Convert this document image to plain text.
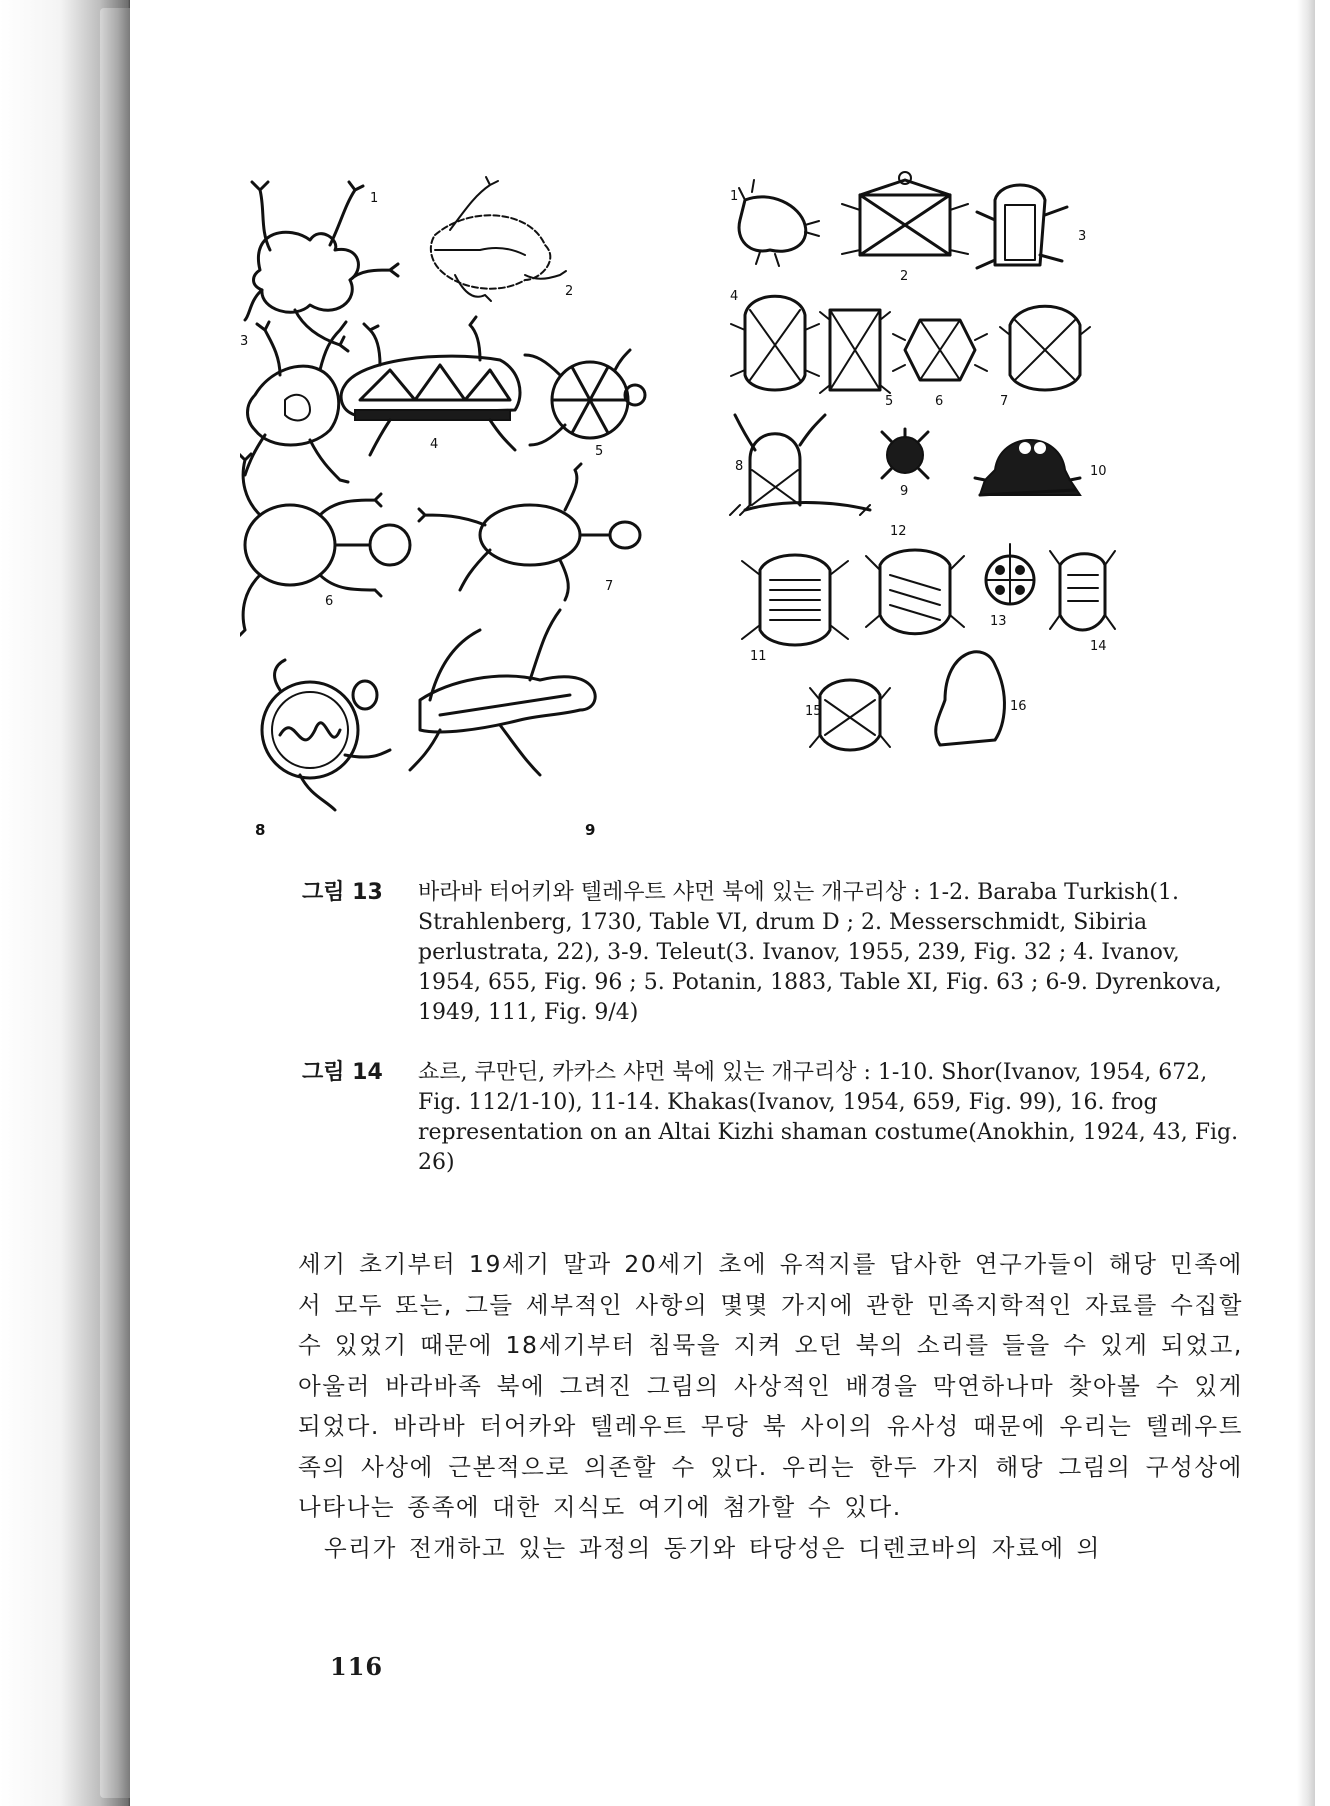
1
2
3
4	5
6
7
8	9
1
2
3
4
5	6	7
8
9
10
11
12
13
14
15	16
그림 13	바라바 터어키와 텔레우트 샤먼 북에 있는 개구리상 : 1-2. Baraba Turkish(1. Strahlenberg, 1730, Table VI, drum D ; 2. Messerschmidt, Sibiria perlustrata, 22), 3-9. Teleut(3. Ivanov, 1955, 239, Fig. 32 ; 4. Ivanov, 1954, 655, Fig. 96 ; 5. Potanin, 1883, Table XI, Fig. 63 ; 6-9. Dyrenkova, 1949, 111, Fig. 9/4)
그림 14	쇼르, 쿠만딘, 카카스 샤먼 북에 있는 개구리상 : 1-10. Shor(Ivanov, 1954, 672, Fig. 112/1-10), 11-14. Khakas(Ivanov, 1954, 659, Fig. 99), 16. frog representation on an Altai Kizhi shaman costume(Anokhin, 1924, 43, Fig. 26)

세기 초기부터 19세기 말과 20세기 초에 유적지를 답사한 연구가들이 해당 민족에서 모두 또는, 그들 세부적인 사항의 몇몇 가지에 관한 민족지학적인 자료를 수집할 수 있었기 때문에 18세기부터 침묵을 지켜 오던 북의 소리를 들을 수 있게 되었고, 아울러 바라바족 북에 그려진 그림의 사상적인 배경을 막연하나마 찾아볼 수 있게 되었다. 바라바 터어카와 텔레우트 무당 북 사이의 유사성 때문에 우리는 텔레우트족의 사상에 근본적으로 의존할 수 있다. 우리는 한두 가지 해당 그림의 구성상에 나타나는 종족에 대한 지식도 여기에 첨가할 수 있다.

우리가 전개하고 있는 과정의 동기와 타당성은 디렌코바의 자료에 의

116
